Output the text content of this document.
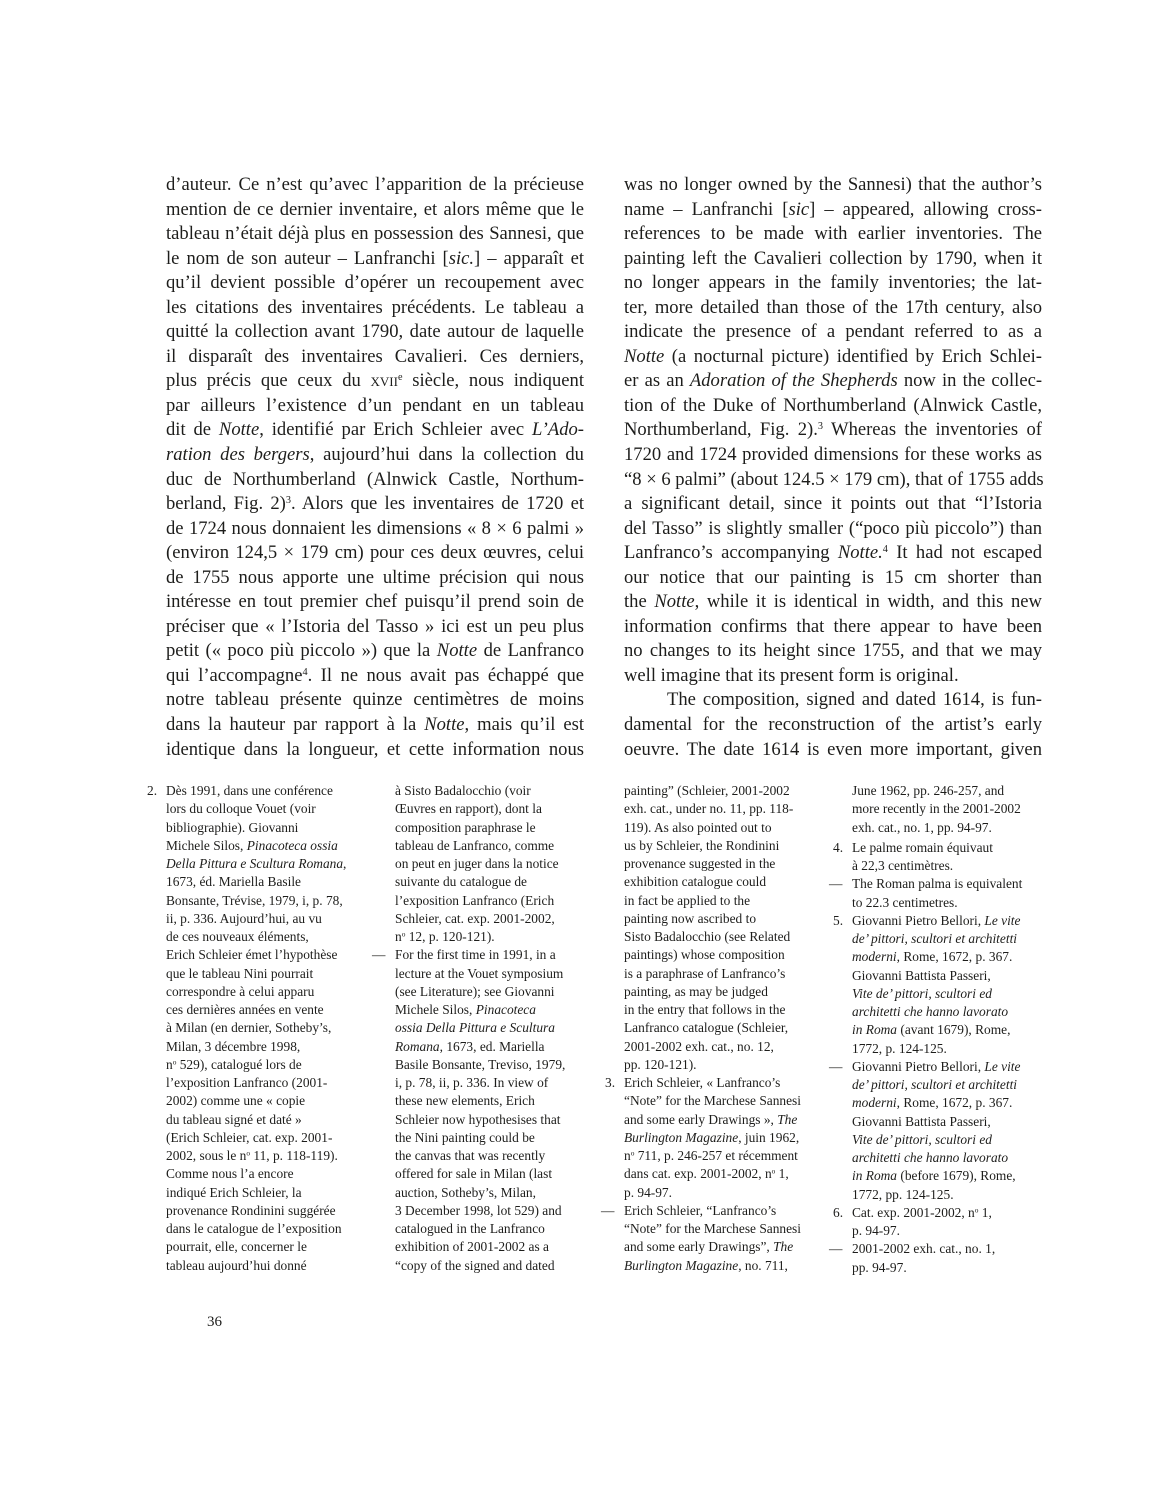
d’auteur. Ce n’est qu’avec l’apparition de la précieuse
mention de ce dernier inventaire, et alors même que le
tableau n’était déjà plus en possession des Sannesi, que
le nom de son auteur – Lanfranchi [sic.] – apparaît et
qu’il devient possible d’opérer un recoupement avec
les citations des inventaires précédents. Le tableau a
quitté la collection avant 1790, date autour de laquelle
il disparaît des inventaires Cavalieri. Ces derniers,
plus précis que ceux du xvii$^e$ siècle, nous indiquent
par ailleurs l’existence d’un pendant en un tableau
dit de Notte, identifié par Erich Schleier avec L’Ado-
ration des bergers, aujourd’hui dans la collection du
duc de Northumberland (Alnwick Castle, Northum-
berland, Fig. 2)$^3$. Alors que les inventaires de 1720 et
de 1724 nous donnaient les dimensions « 8 × 6 palmi »
(environ 124,5 × 179 cm) pour ces deux œuvres, celui
de 1755 nous apporte une ultime précision qui nous
intéresse en tout premier chef puisqu’il prend soin de
préciser que « l’Istoria del Tasso » ici est un peu plus
petit (« poco più piccolo ») que la Notte de Lanfranco
qui l’accompagne$^4$. Il ne nous avait pas échappé que
notre tableau présente quinze centimètres de moins
dans la hauteur par rapport à la Notte, mais qu’il est
identique dans la longueur, et cette information nous
was no longer owned by the Sannesi) that the author’s
name – Lanfranchi [sic] – appeared, allowing cross-
references to be made with earlier inventories. The
painting left the Cavalieri collection by 1790, when it
no longer appears in the family inventories; the lat-
ter, more detailed than those of the 17th century, also
indicate the presence of a pendant referred to as a
Notte (a nocturnal picture) identified by Erich Schlei-
er as an Adoration of the Shepherds now in the collec-
tion of the Duke of Northumberland (Alnwick Castle,
Northumberland, Fig. 2).$^3$ Whereas the inventories of
1720 and 1724 provided dimensions for these works as
“8 × 6 palmi” (about 124.5 × 179 cm), that of 1755 adds
a significant detail, since it points out that “l’Istoria
del Tasso” is slightly smaller (“poco più piccolo”) than
Lanfranco’s accompanying Notte.$^4$ It had not escaped
our notice that our painting is 15 cm shorter than
the Notte, while it is identical in width, and this new
information confirms that there appear to have been
no changes to its height since 1755, and that we may
well imagine that its present form is original.
The composition, signed and dated 1614, is fun-
damental for the reconstruction of the artist’s early
oeuvre. The date 1614 is even more important, given
2. Dès 1991, dans une conférence
lors du colloque Vouet (voir
bibliographie). Giovanni
Michele Silos, Pinacoteca ossia
Della Pittura e Scultura Romana,
1673, éd. Mariella Basile
Bonsante, Trévise, 1979, i, p. 78,
ii, p. 336. Aujourd’hui, au vu
de ces nouveaux éléments,
Erich Schleier émet l’hypothèse
que le tableau Nini pourrait
correspondre à celui apparu
ces dernières années en vente
à Milan (en dernier, Sotheby’s,
Milan, 3 décembre 1998,
$n^o$ 529), catalogué lors de
l’exposition Lanfranco (2001-
2002) comme une « copie
du tableau signé et daté »
(Erich Schleier, cat. exp. 2001-
2002, sous le $n^o$ 11, p. 118-119).
Comme nous l’a encore
indiqué Erich Schleier, la
provenance Rondinini suggérée
dans le catalogue de l’exposition
pourrait, elle, concerner le
tableau aujourd’hui donné
à Sisto Badalocchio (voir
Œuvres en rapport), dont la
composition paraphrase le
tableau de Lanfranco, comme
on peut en juger dans la notice
suivante du catalogue de
l’exposition Lanfranco (Erich
Schleier, cat. exp. 2001-2002,
$n^o$ 12, p. 120-121).
— For the first time in 1991, in a
lecture at the Vouet symposium
(see Literature); see Giovanni
Michele Silos, Pinacoteca
ossia Della Pittura e Scultura
Romana, 1673, ed. Mariella
Basile Bonsante, Treviso, 1979,
i, p. 78, ii, p. 336. In view of
these new elements, Erich
Schleier now hypothesises that
the Nini painting could be
the canvas that was recently
offered for sale in Milan (last
auction, Sotheby’s, Milan,
3 December 1998, lot 529) and
catalogued in the Lanfranco
exhibition of 2001-2002 as a
“copy of the signed and dated
painting” (Schleier, 2001-2002
exh. cat., under no. 11, pp. 118-
119). As also pointed out to
us by Schleier, the Rondinini
provenance suggested in the
exhibition catalogue could
in fact be applied to the
painting now ascribed to
Sisto Badalocchio (see Related
paintings) whose composition
is a paraphrase of Lanfranco’s
painting, as may be judged
in the entry that follows in the
Lanfranco catalogue (Schleier,
2001-2002 exh. cat., no. 12,
pp. 120-121).
3. Erich Schleier, « Lanfranco’s
“Note” for the Marchese Sannesi
and some early Drawings », The
Burlington Magazine, juin 1962,
$n^o$ 711, p. 246-257 et récemment
dans cat. exp. 2001-2002, $n^o$ 1,
p. 94-97.
— Erich Schleier, “Lanfranco’s
“Note” for the Marchese Sannesi
and some early Drawings”, The
Burlington Magazine, no. 711,
June 1962, pp. 246-257, and
more recently in the 2001-2002
exh. cat., no. 1, pp. 94-97.
4. Le palme romain équivaut
à 22,3 centimètres.
— The Roman palma is equivalent
to 22.3 centimetres.
5. Giovanni Pietro Bellori, Le vite
de’ pittori, scultori et architetti
moderni, Rome, 1672, p. 367.
Giovanni Battista Passeri,
Vite de’ pittori, scultori ed
architetti che hanno lavorato
in Roma (avant 1679), Rome,
1772, p. 124-125.
— Giovanni Pietro Bellori, Le vite
de’ pittori, scultori et architetti
moderni, Rome, 1672, p. 367.
Giovanni Battista Passeri,
Vite de’ pittori, scultori ed
architetti che hanno lavorato
in Roma (before 1679), Rome,
1772, pp. 124-125.
6. Cat. exp. 2001-2002, $n^o$ 1,
p. 94-97.
— 2001-2002 exh. cat., no. 1,
pp. 94-97.
36
